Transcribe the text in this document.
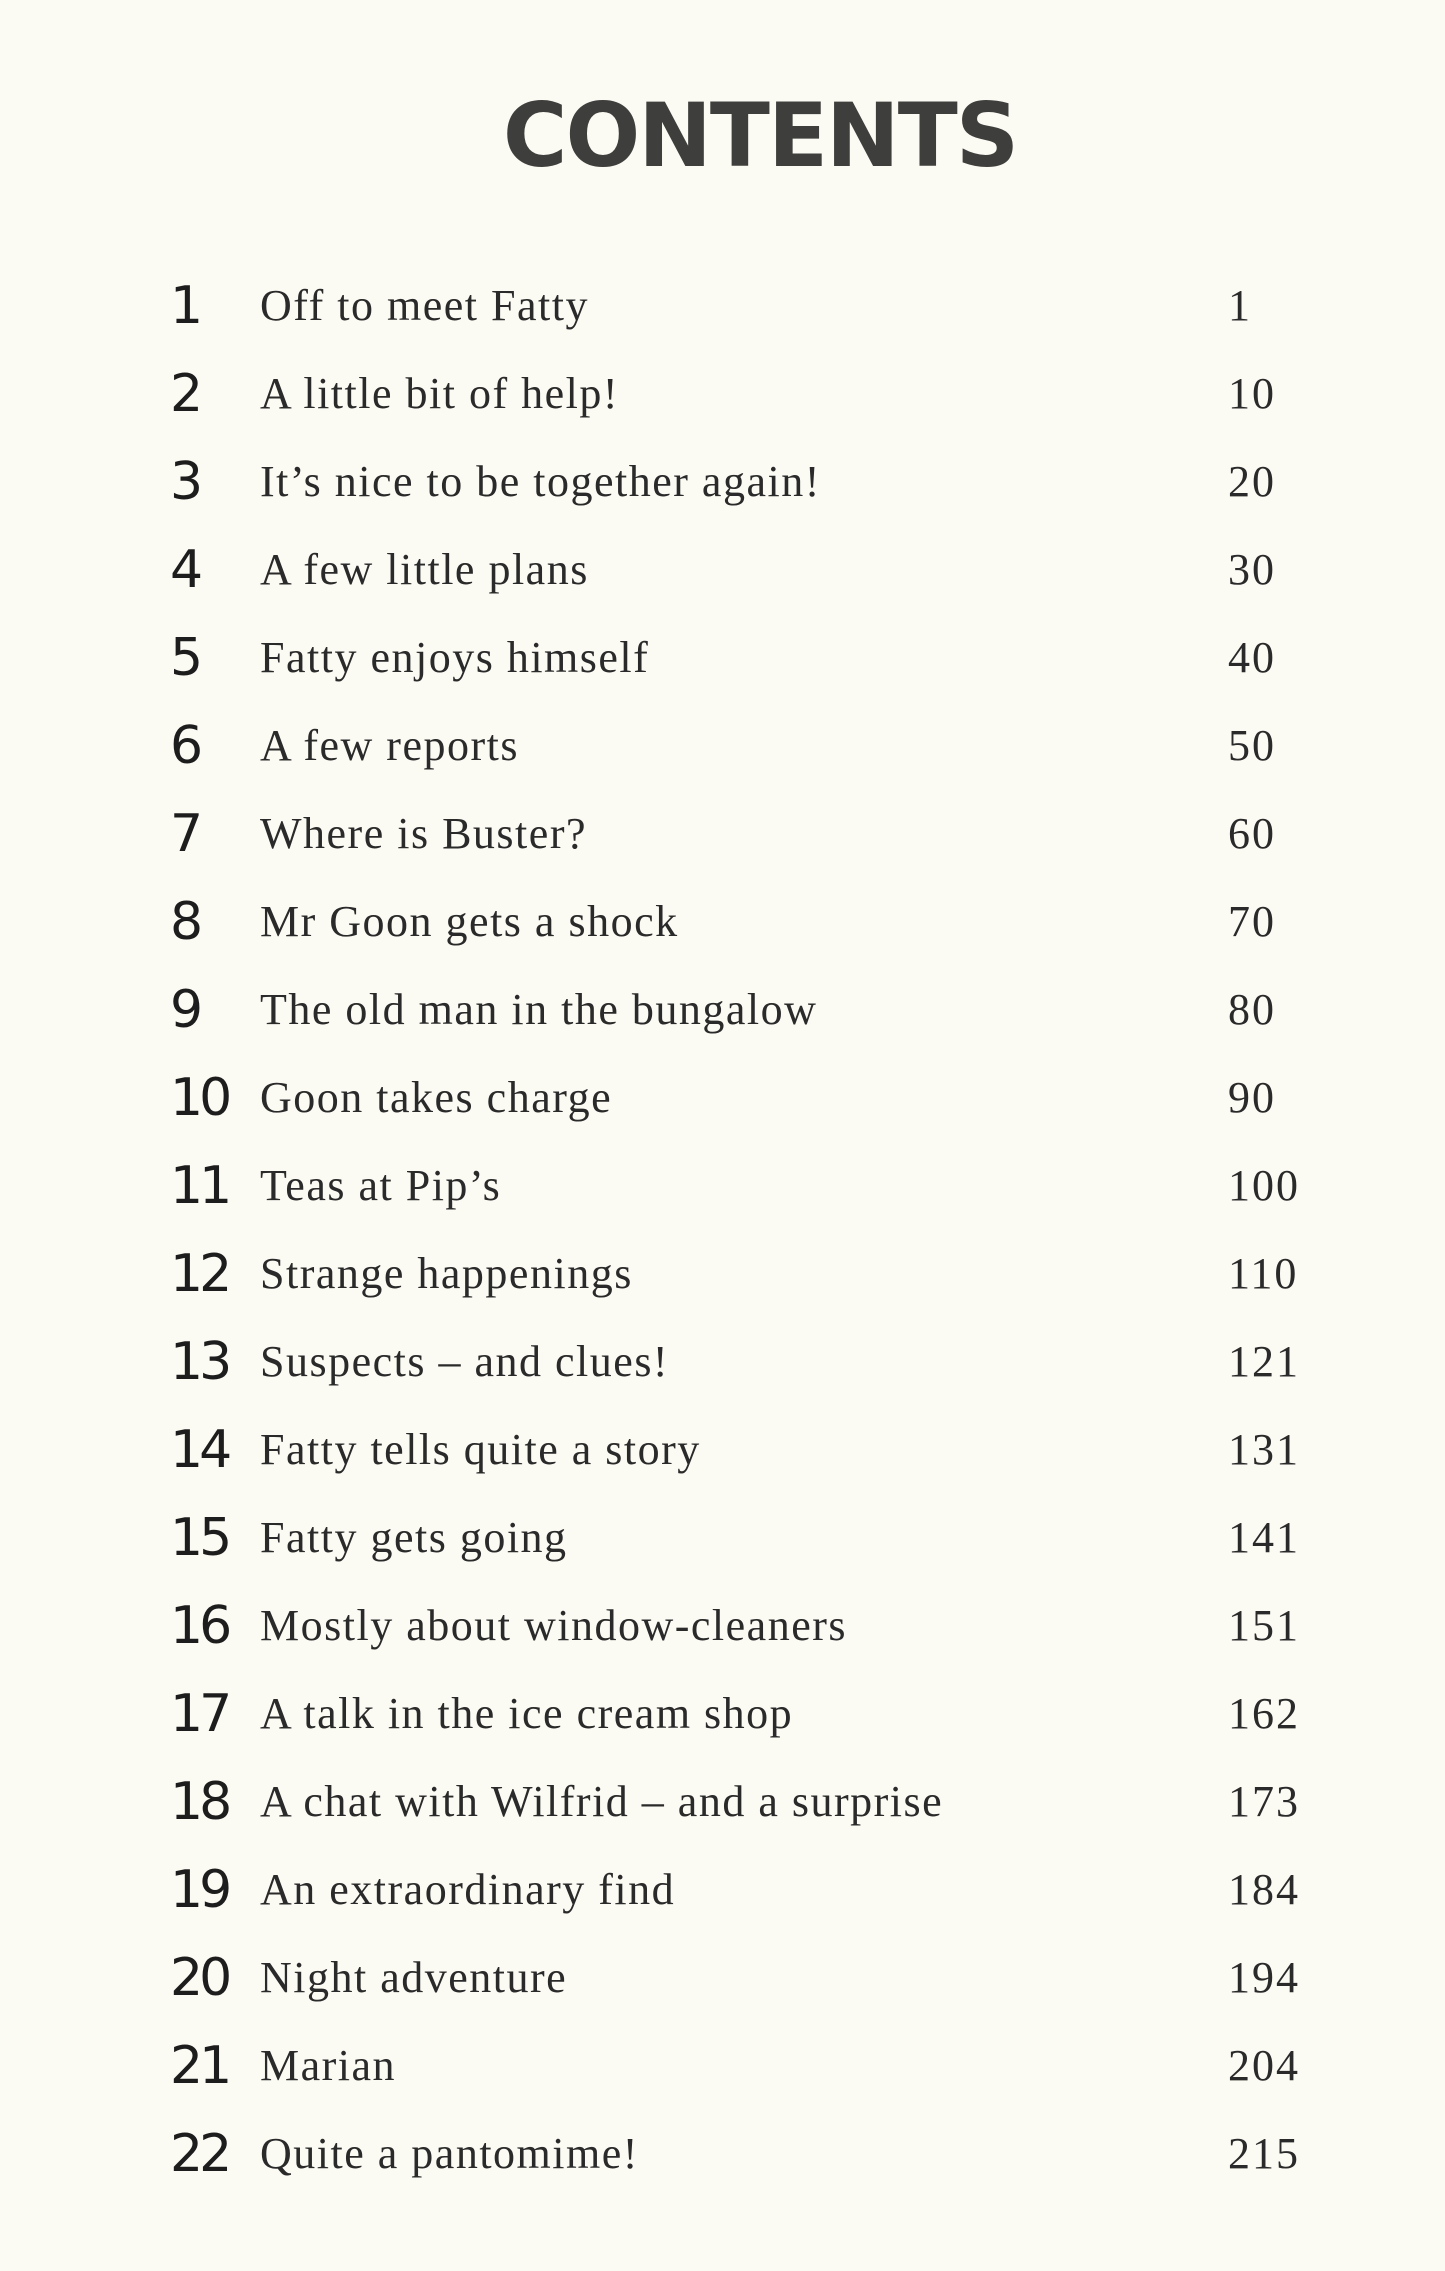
CONTENTS
1 Off to meet Fatty	1
2 A little bit of help!	10
3 It’s nice to be together again!	20
4 A few little plans	30
5 Fatty enjoys himself	40
6 A few reports	50
7 Where is Buster?	60
8 Mr Goon gets a shock	70
9 The old man in the bungalow	80
10 Goon takes charge	90
11 Teas at Pip’s	100
12 Strange happenings	110
13 Suspects – and clues!	121
14 Fatty tells quite a story	131
15 Fatty gets going	141
16 Mostly about window-cleaners	151
17 A talk in the ice cream shop	162
18 A chat with Wilfrid – and a surprise	173
19 An extraordinary find	184
20 Night adventure	194
21 Marian	204
22 Quite a pantomime!	215
